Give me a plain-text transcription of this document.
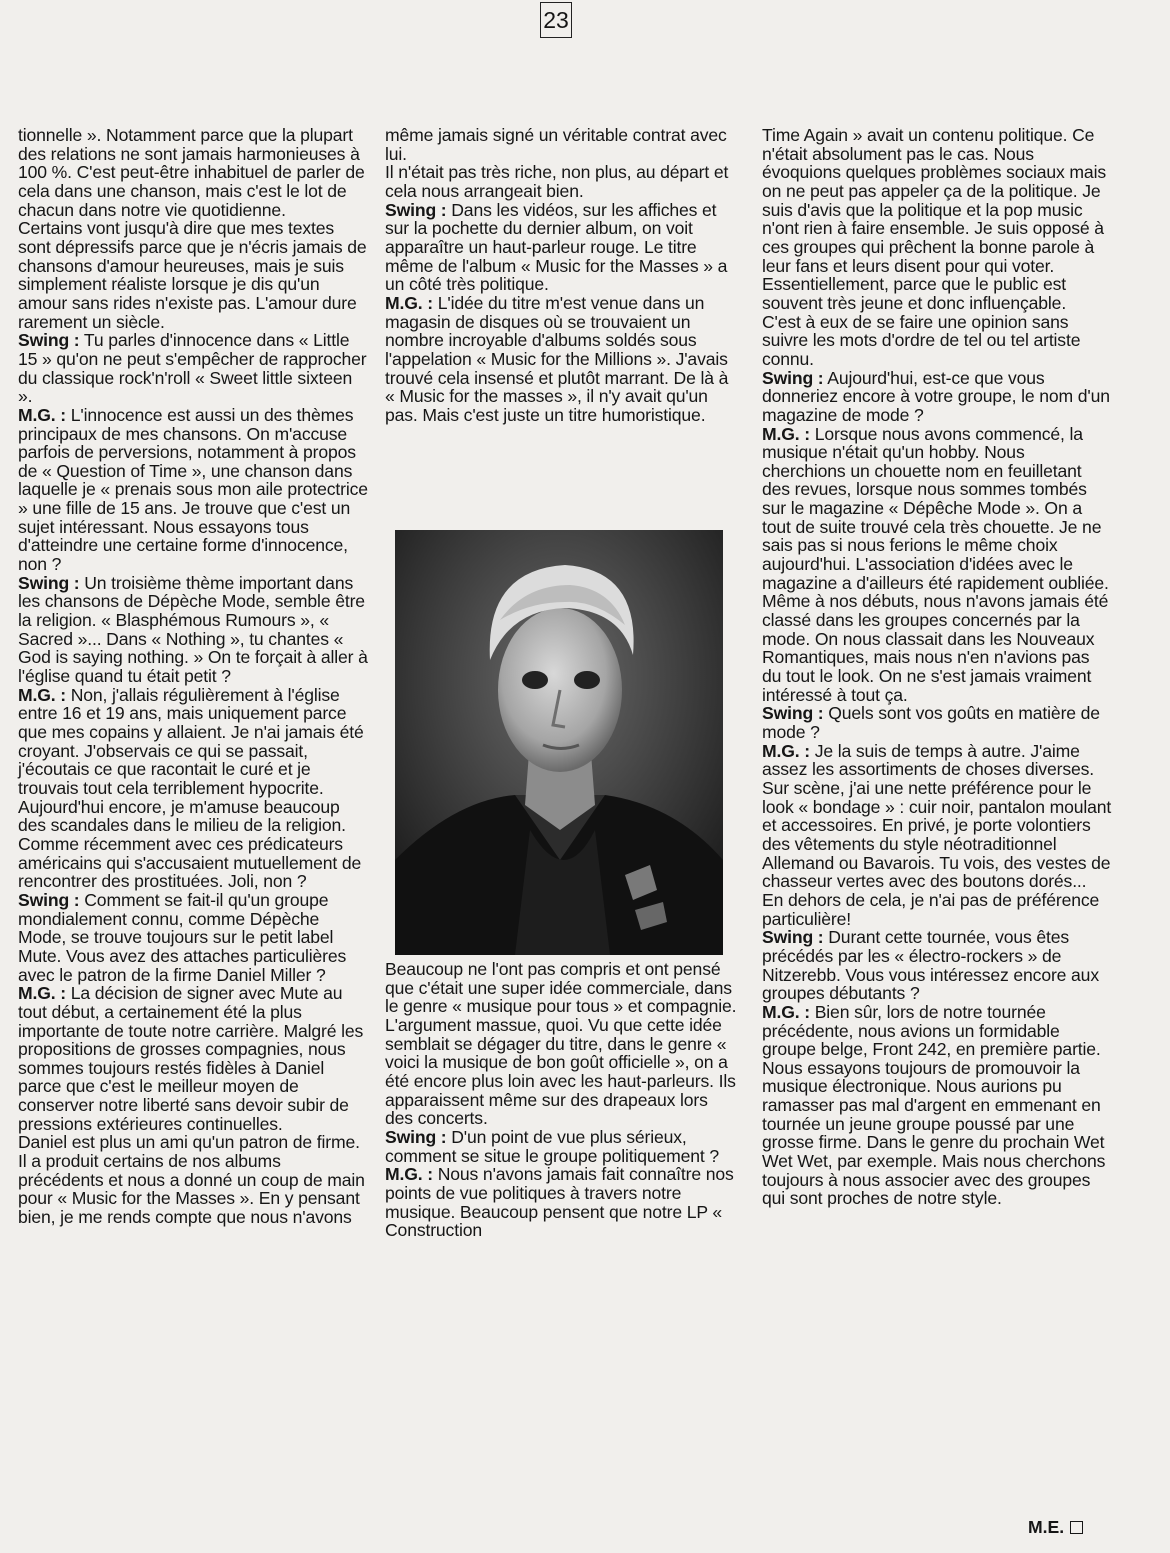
23

tionnelle ». Notamment parce que la plupart des relations ne sont jamais harmonieuses à 100 %. C'est peut-être inhabituel de parler de cela dans une chanson, mais c'est le lot de chacun dans notre vie quotidienne.

Certains vont jusqu'à dire que mes textes sont dépressifs parce que je n'écris jamais de chansons d'amour heureuses, mais je suis simplement réaliste lorsque je dis qu'un amour sans rides n'existe pas. L'amour dure rarement un siècle.

Swing : Tu parles d'innocence dans « Little 15 » qu'on ne peut s'empêcher de rapprocher du classique rock'n'roll « Sweet little sixteen ».

M.G. : L'innocence est aussi un des thèmes principaux de mes chansons. On m'accuse parfois de perversions, notamment à propos de « Question of Time », une chanson dans laquelle je « prenais sous mon aile protectrice » une fille de 15 ans. Je trouve que c'est un sujet intéressant. Nous essayons tous d'atteindre une certaine forme d'innocence, non ?

Swing : Un troisième thème important dans les chansons de Dépèche Mode, semble être la religion. « Blasphémous Rumours », « Sacred »... Dans « Nothing », tu chantes « God is saying nothing. » On te forçait à aller à l'église quand tu était petit ?

M.G. : Non, j'allais régulièrement à l'église entre 16 et 19 ans, mais uniquement parce que mes copains y allaient. Je n'ai jamais été croyant. J'observais ce qui se passait, j'écoutais ce que racontait le curé et je trouvais tout cela terriblement hypocrite.

Aujourd'hui encore, je m'amuse beaucoup des scandales dans le milieu de la religion. Comme récemment avec ces prédicateurs américains qui s'accusaient mutuellement de rencontrer des prostituées. Joli, non ?

Swing : Comment se fait-il qu'un groupe mondialement connu, comme Dépèche Mode, se trouve toujours sur le petit label Mute. Vous avez des attaches particulières avec le patron de la firme Daniel Miller ?

M.G. : La décision de signer avec Mute au tout début, a certainement été la plus importante de toute notre carrière. Malgré les propositions de grosses compagnies, nous sommes toujours restés fidèles à Daniel parce que c'est le meilleur moyen de conserver notre liberté sans devoir subir de pressions extérieures continuelles.

Daniel est plus un ami qu'un patron de firme. Il a produit certains de nos albums précédents et nous a donné un coup de main pour « Music for the Masses ». En y pensant bien, je me rends compte que nous n'avons

même jamais signé un véritable contrat avec lui.

Il n'était pas très riche, non plus, au départ et cela nous arrangeait bien.

Swing : Dans les vidéos, sur les affiches et sur la pochette du dernier album, on voit apparaître un haut-parleur rouge. Le titre même de l'album « Music for the Masses » a un côté très politique.

M.G. : L'idée du titre m'est venue dans un magasin de disques où se trouvaient un nombre incroyable d'albums soldés sous l'appelation « Music for the Millions ». J'avais trouvé cela insensé et plutôt marrant. De là à « Music for the masses », il n'y avait qu'un pas. Mais c'est juste un titre humoristique.

Beaucoup ne l'ont pas compris et ont pensé que c'était une super idée commerciale, dans le genre « musique pour tous » et compagnie. L'argument massue, quoi. Vu que cette idée semblait se dégager du titre, dans le genre « voici la musique de bon goût officielle », on a été encore plus loin avec les haut-parleurs. Ils apparaissent même sur des drapeaux lors des concerts.

Swing : D'un point de vue plus sérieux, comment se situe le groupe politiquement ?

M.G. : Nous n'avons jamais fait connaître nos points de vue politiques à travers notre musique. Beaucoup pensent que notre LP « Construction

Time Again » avait un contenu politique. Ce n'était absolument pas le cas. Nous évoquions quelques problèmes sociaux mais on ne peut pas appeler ça de la politique. Je suis d'avis que la politique et la pop music n'ont rien à faire ensemble. Je suis opposé à ces groupes qui prêchent la bonne parole à leur fans et leurs disent pour qui voter. Essentiellement, parce que le public est souvent très jeune et donc influençable.

C'est à eux de se faire une opinion sans suivre les mots d'ordre de tel ou tel artiste connu.

Swing : Aujourd'hui, est-ce que vous donneriez encore à votre groupe, le nom d'un magazine de mode ?

M.G. : Lorsque nous avons commencé, la musique n'était qu'un hobby. Nous cherchions un chouette nom en feuilletant des revues, lorsque nous sommes tombés sur le magazine « Dépêche Mode ». On a tout de suite trouvé cela très chouette. Je ne sais pas si nous ferions le même choix aujourd'hui. L'association d'idées avec le magazine a d'ailleurs été rapidement oubliée. Même à nos débuts, nous n'avons jamais été classé dans les groupes concernés par la mode. On nous classait dans les Nouveaux Romantiques, mais nous n'en n'avions pas du tout le look. On ne s'est jamais vraiment intéressé à tout ça.

Swing : Quels sont vos goûts en matière de mode ?

M.G. : Je la suis de temps à autre. J'aime assez les assortiments de choses diverses. Sur scène, j'ai une nette préférence pour le look « bondage » : cuir noir, pantalon moulant et accessoires. En privé, je porte volontiers des vêtements du style néotraditionnel Allemand ou Bavarois. Tu vois, des vestes de chasseur vertes avec des boutons dorés... En dehors de cela, je n'ai pas de préférence particulière!

Swing : Durant cette tournée, vous êtes précédés par les « électro-rockers » de Nitzerebb. Vous vous intéressez encore aux groupes débutants ?

M.G. : Bien sûr, lors de notre tournée précédente, nous avions un formidable groupe belge, Front 242, en première partie. Nous essayons toujours de promouvoir la musique électronique. Nous aurions pu ramasser pas mal d'argent en emmenant en tournée un jeune groupe poussé par une grosse firme. Dans le genre du prochain Wet Wet Wet, par exemple. Mais nous cherchons toujours à nous associer avec des groupes qui sont proches de notre style.

M.E.
